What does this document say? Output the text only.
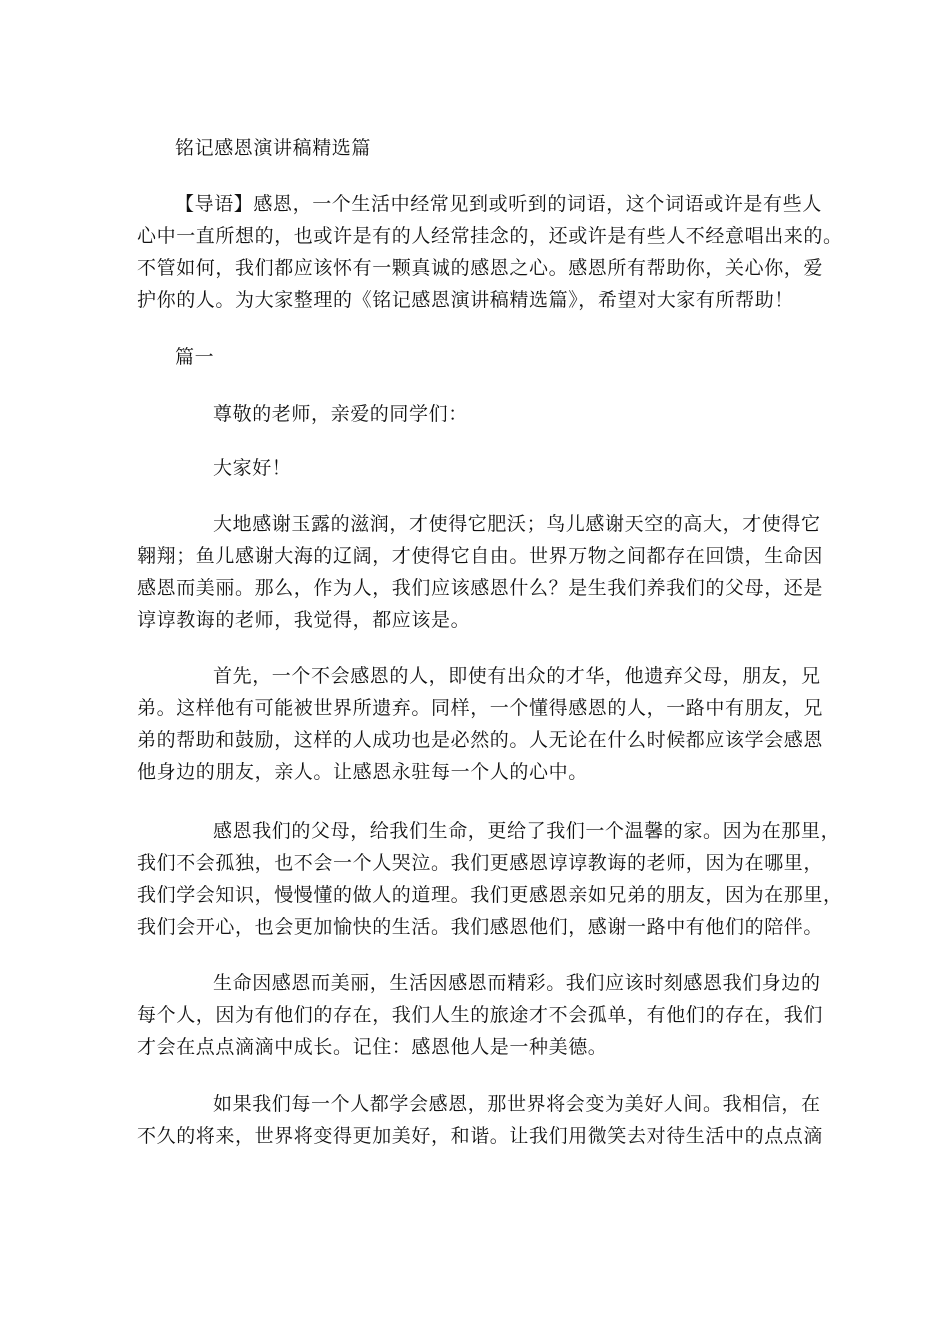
铭记感恩演讲稿精选篇

【导语】感恩，一个生活中经常见到或听到的词语，这个词语或许是有些人
心中一直所想的，也或许是有的人经常挂念的，还或许是有些人不经意唱出来的。
不管如何，我们都应该怀有一颗真诚的感恩之心。感恩所有帮助你，关心你，爱
护你的人。为大家整理的《铭记感恩演讲稿精选篇》，希望对大家有所帮助！

篇一

尊敬的老师，亲爱的同学们：

大家好！

大地感谢玉露的滋润，才使得它肥沃；鸟儿感谢天空的高大，才使得它
翱翔；鱼儿感谢大海的辽阔，才使得它自由。世界万物之间都存在回馈，生命因
感恩而美丽。那么，作为人，我们应该感恩什么？是生我们养我们的父母，还是
谆谆教诲的老师，我觉得，都应该是。
首先，一个不会感恩的人，即使有出众的才华，他遗弃父母，朋友，兄
弟。这样他有可能被世界所遗弃。同样，一个懂得感恩的人，一路中有朋友，兄
弟的帮助和鼓励，这样的人成功也是必然的。人无论在什么时候都应该学会感恩
他身边的朋友，亲人。让感恩永驻每一个人的心中。
感恩我们的父母，给我们生命，更给了我们一个温馨的家。因为在那里，
我们不会孤独，也不会一个人哭泣。我们更感恩谆谆教诲的老师，因为在哪里，
我们学会知识，慢慢懂的做人的道理。我们更感恩亲如兄弟的朋友，因为在那里，
我们会开心，也会更加愉快的生活。我们感恩他们，感谢一路中有他们的陪伴。
生命因感恩而美丽，生活因感恩而精彩。我们应该时刻感恩我们身边的
每个人，因为有他们的存在，我们人生的旅途才不会孤单，有他们的存在，我们
才会在点点滴滴中成长。记住：感恩他人是一种美德。
如果我们每一个人都学会感恩，那世界将会变为美好人间。我相信，在
不久的将来，世界将变得更加美好，和谐。让我们用微笑去对待生活中的点点滴
